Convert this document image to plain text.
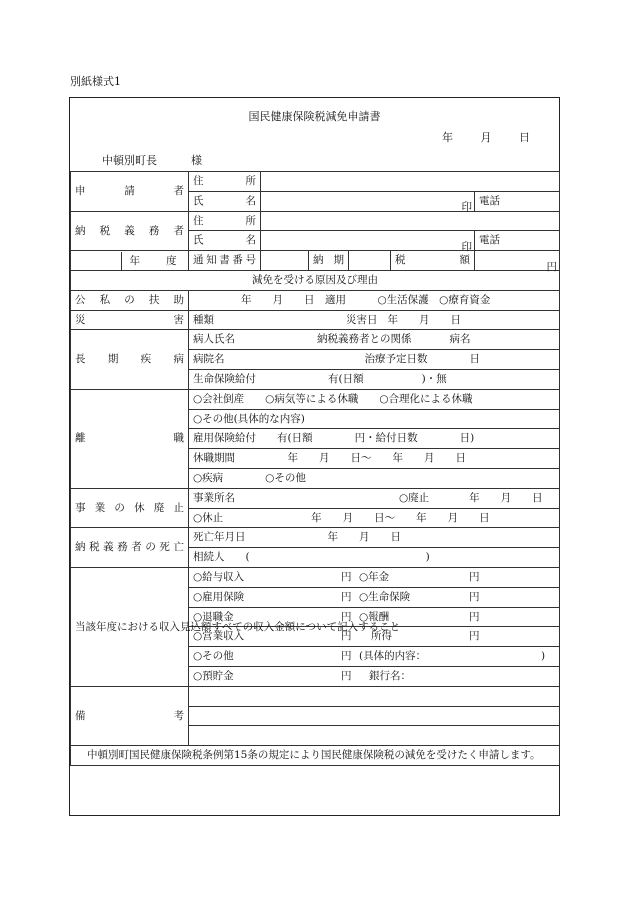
別紙様式1
国民健康保険税減免申請書
年 月 日
中頓別町長	様
申請者	住所					
	氏名	印				電話
納税義務者	住所					
	氏名	印				電話
年 度	通知書番号		納期		税額	円

減免を受ける原因及び理由						
公私の扶助	年　　月　　日　適用　　　○生活保護　○療育資金					
災害	種類 災害日 年　　月　　日					
長期疾病	病人氏名 納税義務者との関係 病名					
	病院名 治療予定日数 日					
	生命保険給付 有(日額 )・無					
離職	○会社倒産　　○病気等による休職　　○合理化による休職					
	○その他(具体的な内容)					
	雇用保険給付　　有(日額　　　　円・給付日数　　　　日)					
	休職期間　　　　　年　　月　　日～　　年　　月　　日					
	○疾病　　　　○その他					
事業の休廃止	事業所名 ○廃止 年　　月　　日					
	○休止 年　　月　　日～　　年　　月　　日					
納税義務者の死亡	死亡年月日 年　　月　　日					
	相続人　　( )					
当該年度における収入見込額すべての収入金額について記入すること	○給与収入 円 ○年金 円					
	○雇用保険 円 ○生命保険 円					
	○退職金 円 ○報酬 円					
	○営業収入 円 所得 円					
	○その他 円 (具体的内容： )					
	○預貯金 円 銀行名：					
備考						

中頓別町国民健康保険税条例第15条の規定により国民健康保険税の減免を受けたく申請します。						
